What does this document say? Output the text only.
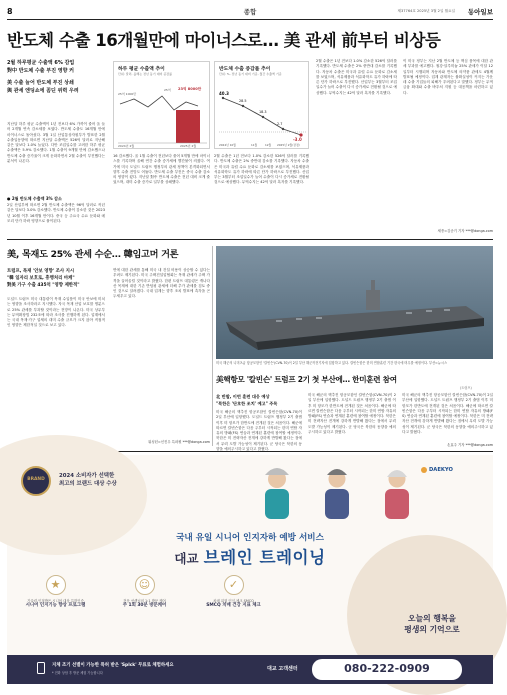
8	종합	제37764호 2025년 3월 2일 월요일 동아일보
반도체 수출 16개월만에 마이너스로… 美 관세 前부터 비상등
2월 하루평균 수출액 6% 감업
對中 반도체 수출 부진 영향 커
美 수출 늘어 반도체 부진 상쇄
與 관세 엔딩쇼에 꼼딘 위력 우려
지난달 하루 평균 수출액이 1년 전보다 6% 가까이 줄어 올 들어 2개월 연속 감소세를 보였다. 반도체 수출도 16개월 만에 마이너스로 돌아섰다. 3월 1일 산업통상자원부가 발표한 2월 수출입동향에 따르면 지난달 수출액은 526억 달러로 지난해 같은 달보다 1.0% 늘었다. 다만 조업일수를 고려한 하루 평균 수출액은 5.9% 감소했다. 1월 수출이 9개월 만에 감소했으나 반도체 수출 증가율이 크게 둔화하면서 2월 수출이 부진했다는 분석이 나온다.
● 2월 반도체 수출액 3% 감소
2일 산업부에 따르면 2월 반도체 수출액은 96억 달러로 작년 같은 달보다 3.0% 감소했다. 반도체 수출이 감소한 것은 2023년 10월 이후 16개월 만이다. 중국 등 주요국 수요 둔화와 메모리 단가 하락 영향으로 풀이된다.
하루 평균 수출액 추이
단위: 달러, 올해는 전년 동기 대비 증감률
23억 8000만
25억 1000만
25억
2024년 2월	2025년 2월
반도체 수출 증감률 추이
단위: %, 전년 동기 대비 기준, 월간 수출액 기준
40.3
28.5
18.3
2.7
-3.0
2024년 10월	11월	12월 2025년 2월(잠정)
16 감소했다. 올 1월 수출이 전년보다 줄어 5개월 만에 마이너스를 기록하며 올해 연간 수출 증가세에 빨간불이 켜졌다. 여기에 미국 도널드 트럼프 행정부의 관세 정책이 본격화되면서 향후 수출 전망도 어둡다. 반도체 수출 부진은 중국 수출 감소의 영향이 컸다. 지난달 對中 반도체 수출은 전년 대비 크게 줄었으며, 대미 수출 증가로 일부를 상쇄했다.
2월 수출은 1년 전보다 1.0% 감소한 526억 달러를 기록했다. 반도체 수출은 2% 중반대 감소를 기록했다. 자동차 수출은 미국과 유럽 수요 둔화로 감소세를 보였으며, 석유제품과 석유화학도 유가 하락에 따른 단가 하락으로 부진했다. 산업부는 3월부터 조업일수가 늘어 수출이 다시 증가세로 전환될 것으로 예상했다. 무역수지는 42억 달러 흑자를 기록했다.
2월 수출은 1년 전보다 1.0% 감소한 526억 달러를 기록했다. 반도체 수출은 2% 중반대 감소를 기록했다. 자동차 수출은 미국과 유럽 수요 둔화로 감소세를 보였으며, 석유제품과 석유화학도 유가 하락에 따른 단가 하락으로 부진했다. 산업부는 3월부터 조업일수가 늘어 수출이 다시 증가세로 전환될 것으로 예상했다. 무역수지는 42억 달러 흑자를 기록했다.
이 미국 정부는 지난 2월 반도체 등 핵심 품목에 대한 관세 부과를 예고했다. 철강·알루미늄 25% 관세가 이달 12일부터 시행되며 자동차와 반도체 의약품 관세도 4월께 발표될 예정이다. 업계 관계자는 불확실성이 커지는 가운데 수출 기업들의 피해가 우려된다고 말했다. 정부는 무역금융 확대와 수출 바우처 지원 등 대응책을 마련하고 있다.
세종=김준기 기자 ***@donga.com
美, 목재도 25% 관세 수순… 韓임고머 거론
트럼프, 목재 '안보 영향' 조사 지시
"韓 일자리 보호로, 흥행처리 마케"
對美 가구 수출 435억 "영향 제한적"
도널드 트럼프 미국 대통령이 목재 수입품이 미국 안보에 미치는 영향을 조사하라고 지시했다. 자국 목재 산업 보호를 명분으로 25% 관세를 부과할 것이라는 전망이 나온다. 미국 상무부는 무역확장법 232조에 따라 조사를 진행하게 된다. 업계에서는 국내 목재·가구 업체의 대미 수출 규모가 크지 않아 직접적인 영향은 제한적일 것으로 보고 있다.
면에 대한 관세를 통해 미국 내 건설 비용이 상승할 수 있다는 우려도 제기된다. 미국 주택건설업협회는 목재 관세가 주택 가격을 끌어올릴 것이라고 밝혔다. 한편 트럼프 대통령은 캐나다산 목재에 대한 기존 반덤핑 관세에 더해 추가 관세를 검토 중인 것으로 알려졌다. 국내 업계는 향후 조치 발표에 촉각을 곤두세우고 있다.
워싱턴=신진우 특파원 ***@donga.com
미국 해군의 니미츠급 항공모함인 '칼빈슨'(CVN-70)이 2일 부산 해군작전기지에 입항하고 있다. 칼빈슨함은 한미 연합훈련 기간 한국에 머무를 예정이다. 부산=뉴시스
美핵항모 '칼빈슨' 트럼프 2기 첫 부산에… 한미훈련 참여
(트럼프)
北 반발, 이번 훈련 대응 예상
"북한은 '단호한 조치' 예고" 주목
미국 해군의 핵추진 항공모함인 칼빈슨함(CVN-70)이 2일 부산에 입항했다. 도널드 트럼프 행정부 2기 출범 이후 미 항모가 한반도에 전개된 것은 처음이다. 해군에 따르면 칼빈슨함은 다음 주부터 시작되는 한미 연합 자유의 방패(FS) 연습과 연계된 훈련에 참여할 예정이다. 북한은 미 전략자산 전개에 강하게 반발해 왔다는 점에서 무력 도발 가능성이 제기된다. 군 당국은 북한의 동향을 예의주시하고 있다고 밝혔다.
미국 해군의 핵추진 항공모함인 칼빈슨함(CVN-70)이 2일 부산에 입항했다. 도널드 트럼프 행정부 2기 출범 이후 미 항모가 한반도에 전개된 것은 처음이다. 해군에 따르면 칼빈슨함은 다음 주부터 시작되는 한미 연합 자유의 방패(FS) 연습과 연계된 훈련에 참여할 예정이다. 북한은 미 전략자산 전개에 강하게 반발해 왔다는 점에서 무력 도발 가능성이 제기된다. 군 당국은 북한의 동향을 예의주시하고 있다고 밝혔다.
미국 해군의 핵추진 항공모함인 칼빈슨함(CVN-70)이 2일 부산에 입항했다. 도널드 트럼프 행정부 2기 출범 이후 미 항모가 한반도에 전개된 것은 처음이다. 해군에 따르면 칼빈슨함은 다음 주부터 시작되는 한미 연합 자유의 방패(FS) 연습과 연계된 훈련에 참여할 예정이다. 북한은 미 전략자산 전개에 강하게 반발해 왔다는 점에서 무력 도발 가능성이 제기된다. 군 당국은 북한의 동향을 예의주시하고 있다고 밝혔다.
손효주 기자 ***@donga.com
BRAND
2024 소비자가 선택한
최고의 브랜드 대상 수상
DAEKYO
국내 유일 시니어 인지자하 예방 서비스
대교 브레인 트레이닝
★
기술력 인정받은 시니어 대상 특허인증
시니어 인지기능 향상 프로그램
☺
전문 선생님의 1:1 방문 케어
주 1회 30분 방문케어
✓
치매 위험 인식 체크 SMCQ
SMCQ 치매 건강 지표 체크
오늘의 행복을
평생의 기억으로
지체 조기 선별이 가능한 특허 받은 'Splck' 무료로 체험하세요
* 전화 상담 후 방문 체험 가능합니다
대교 고객센터	080-222-0909
